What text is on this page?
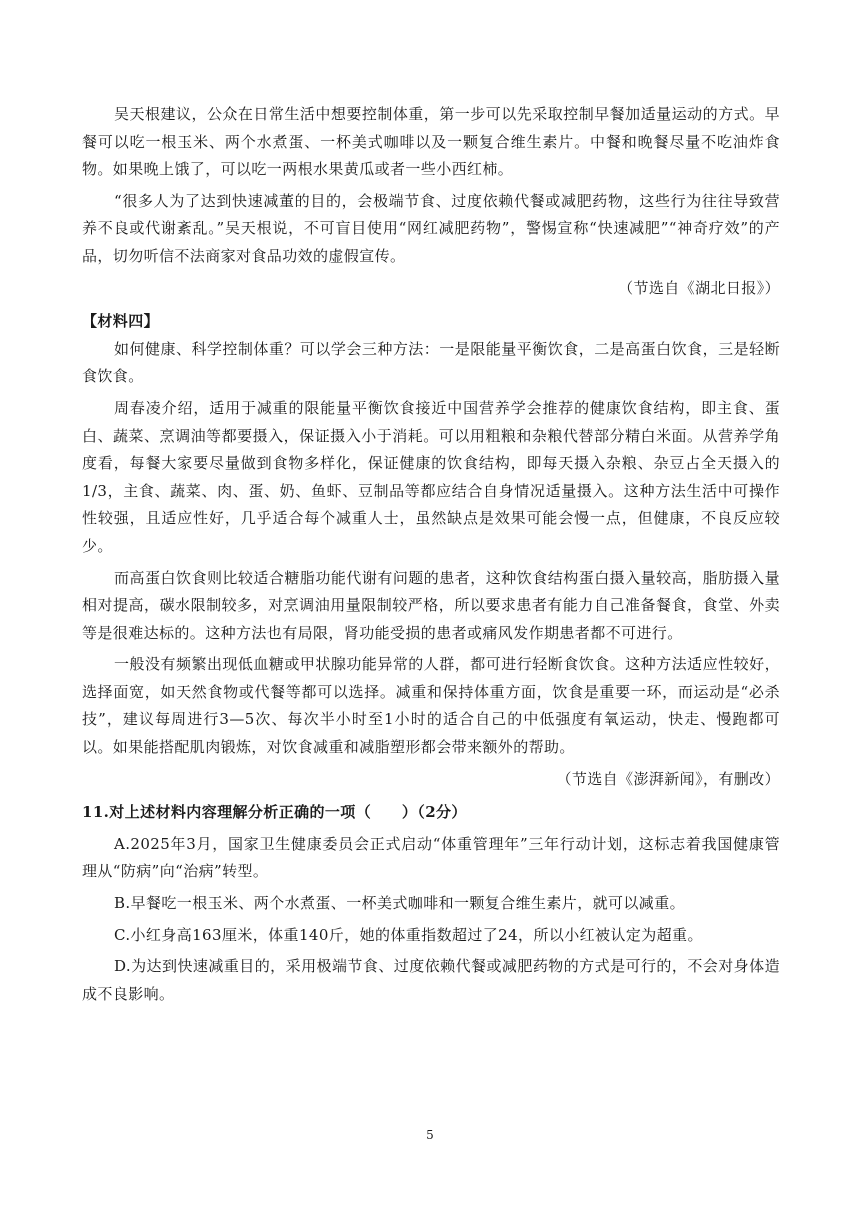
吴天根建议，公众在日常生活中想要控制体重，第一步可以先采取控制早餐加适量运动的方式。早餐可以吃一根玉米、两个水煮蛋、一杯美式咖啡以及一颗复合维生素片。中餐和晚餐尽量不吃油炸食物。如果晚上饿了，可以吃一两根水果黄瓜或者一些小西红柿。

“很多人为了达到快速减董的目的，会极端节食、过度依赖代餐或减肥药物，这些行为往往导致营养不良或代谢紊乱。”吴天根说，不可盲目使用“网红减肥药物”，警惕宣称“快速减肥”“神奇疗效”的产品，切勿听信不法商家对食品功效的虚假宣传。

（节选自《湖北日报》）

【材料四】

如何健康、科学控制体重？可以学会三种方法：一是限能量平衡饮食，二是高蛋白饮食，三是轻断食饮食。

周春凌介绍，适用于减重的限能量平衡饮食接近中国营养学会推荐的健康饮食结构，即主食、蛋白、蔬菜、烹调油等都要摄入，保证摄入小于消耗。可以用粗粮和杂粮代替部分精白米面。从营养学角度看，每餐大家要尽量做到食物多样化，保证健康的饮食结构，即每天摄入杂粮、杂豆占全天摄入的1/3，主食、蔬菜、肉、蛋、奶、鱼虾、豆制品等都应结合自身情况适量摄入。这种方法生活中可操作性较强，且适应性好，几乎适合每个减重人士，虽然缺点是效果可能会慢一点，但健康，不良反应较少。

而高蛋白饮食则比较适合糖脂功能代谢有问题的患者，这种饮食结构蛋白摄入量较高，脂肪摄入量相对提高，碳水限制较多，对烹调油用量限制较严格，所以要求患者有能力自己准备餐食，食堂、外卖等是很难达标的。这种方法也有局限，肾功能受损的患者或痛风发作期患者都不可进行。

一般没有频繁出现低血糖或甲状腺功能异常的人群，都可进行轻断食饮食。这种方法适应性较好，选择面宽，如天然食物或代餐等都可以选择。减重和保持体重方面，饮食是重要一环，而运动是“必杀技”，建议每周进行3—5次、每次半小时至1小时的适合自己的中低强度有氧运动，快走、慢跑都可以。如果能搭配肌肉锻炼，对饮食减重和减脂塑形都会带来额外的帮助。

（节选自《澎湃新闻》，有删改）

11.对上述材料内容理解分析正确的一项（　　）（2分）

A.2025年3月，国家卫生健康委员会正式启动“体重管理年”三年行动计划，这标志着我国健康管理从“防病”向“治病”转型。

B.早餐吃一根玉米、两个水煮蛋、一杯美式咖啡和一颗复合维生素片，就可以减重。

C.小红身高163厘米，体重140斤，她的体重指数超过了24，所以小红被认定为超重。

D.为达到快速减重目的，采用极端节食、过度依赖代餐或减肥药物的方式是可行的，不会对身体造成不良影响。

5
